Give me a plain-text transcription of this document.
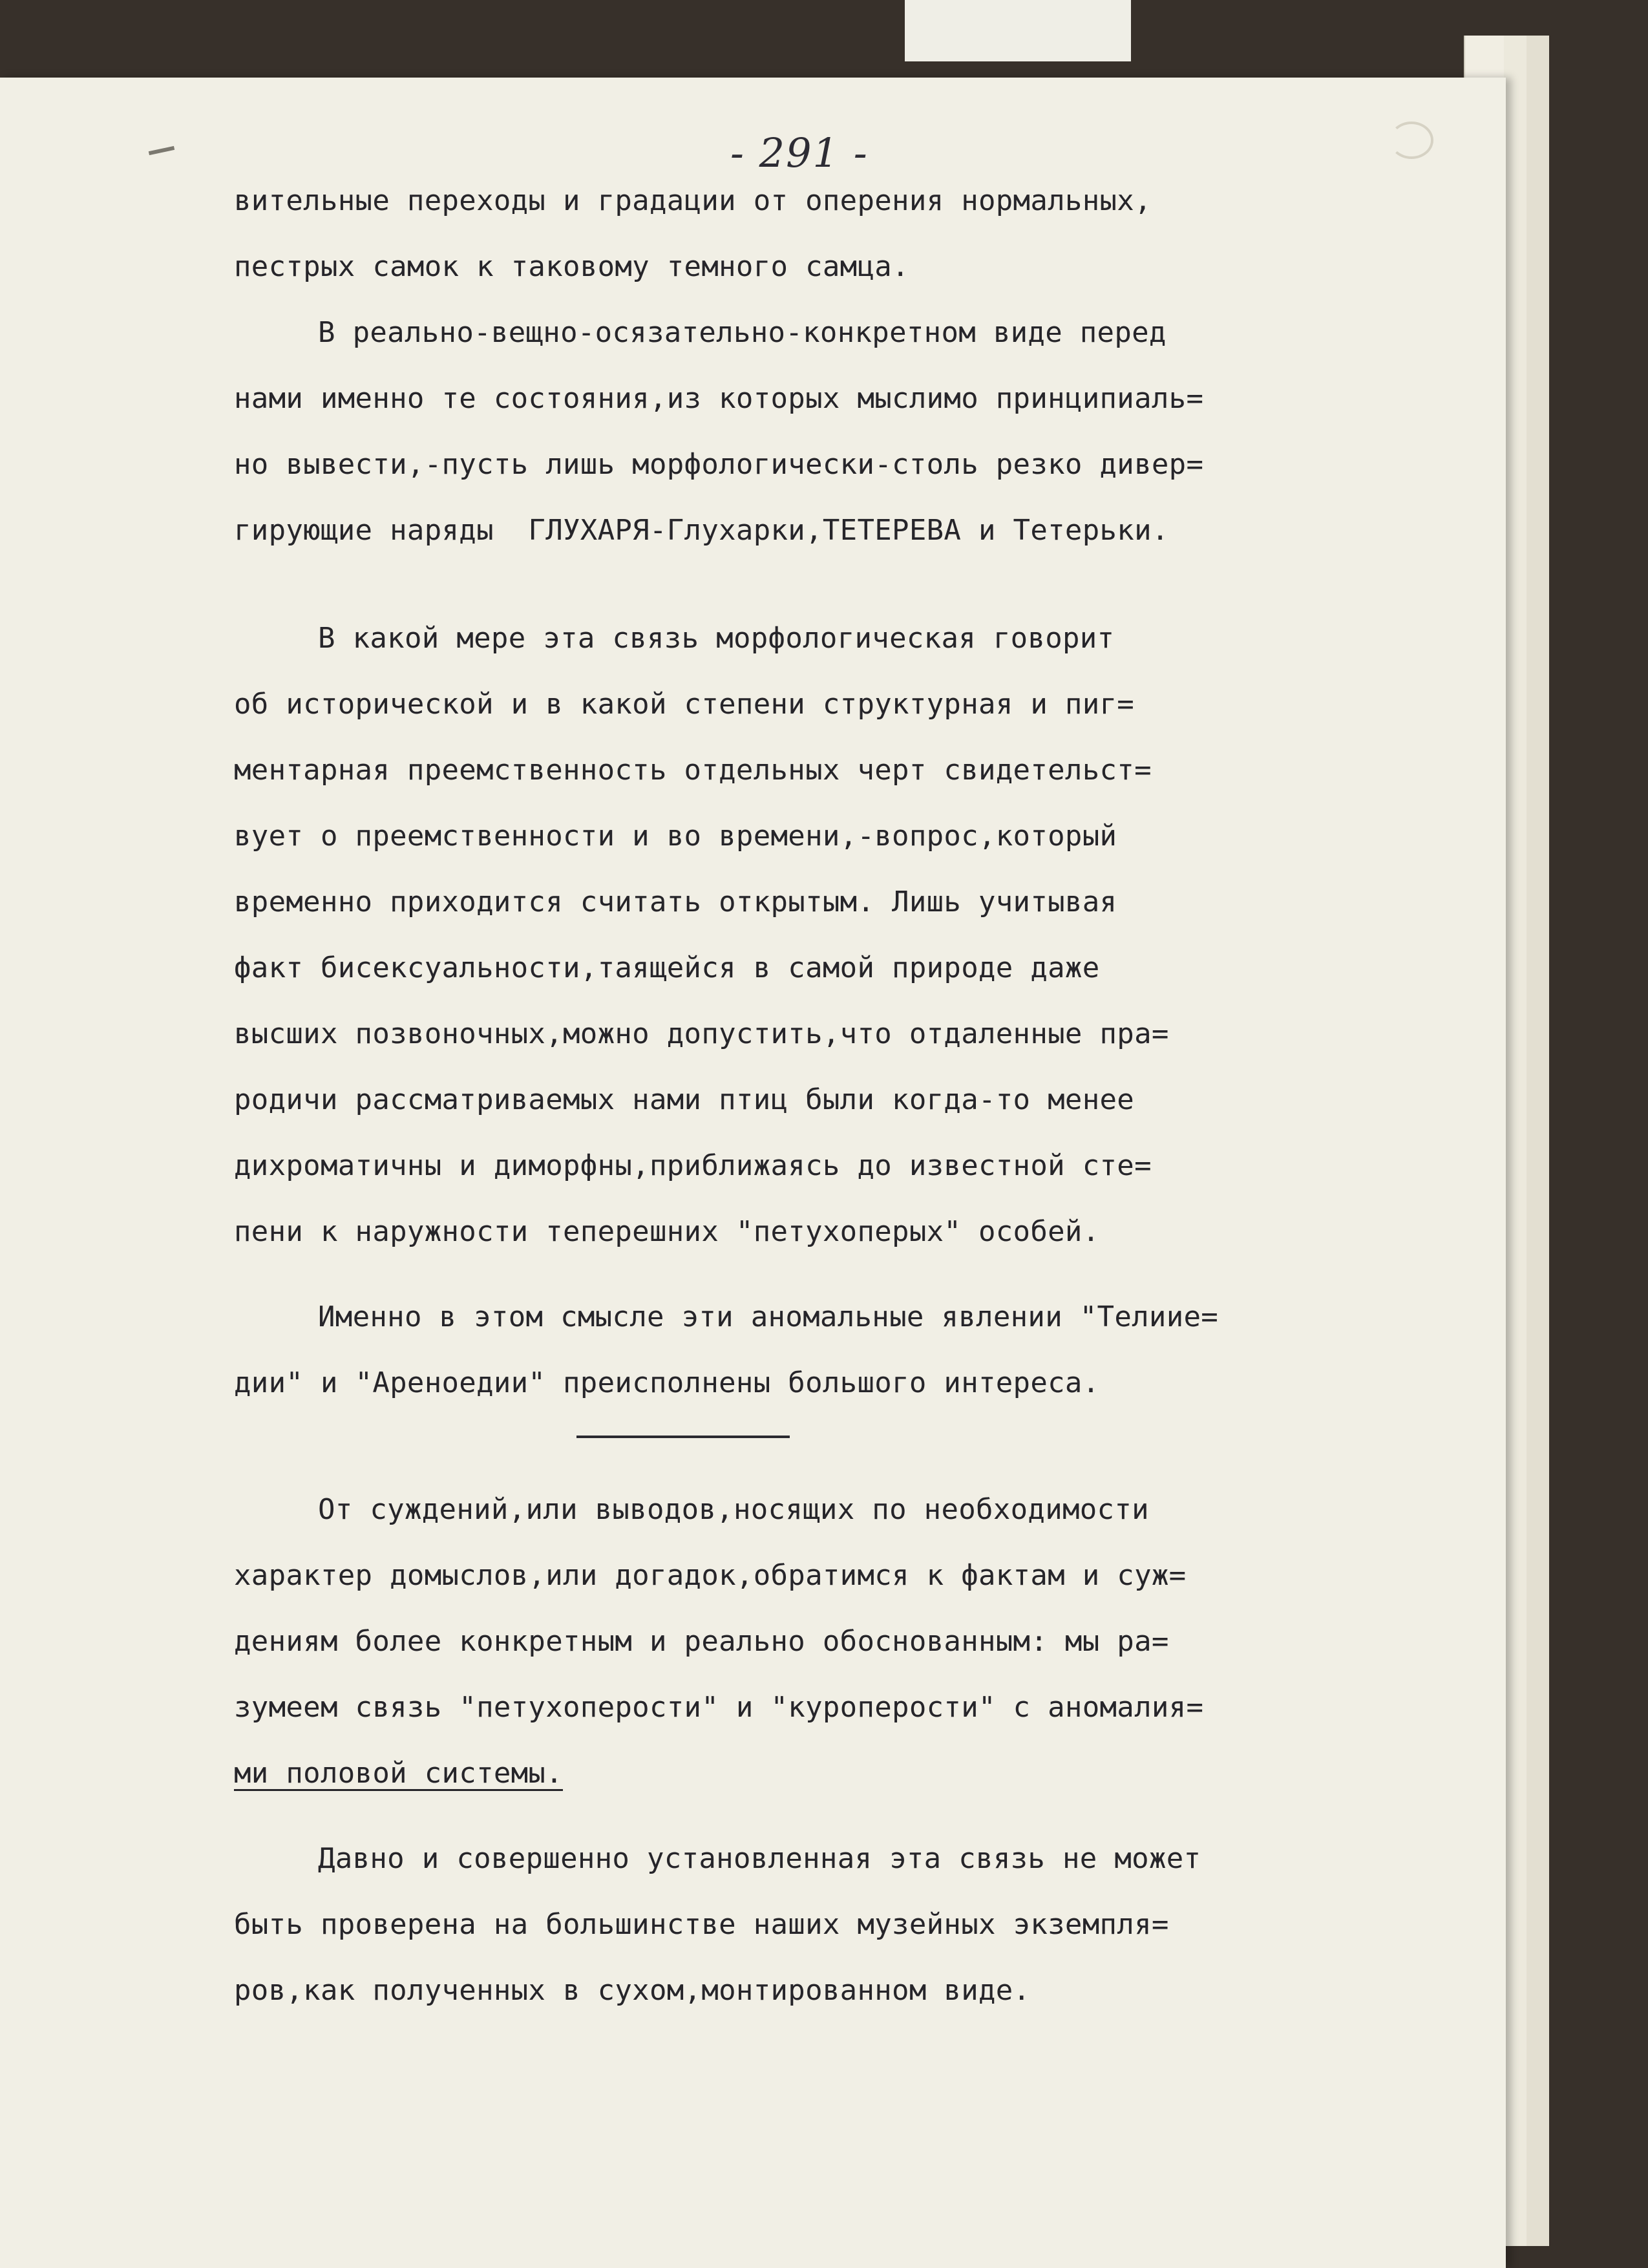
- 291 -
вительные переходы и градации от оперения нормальных,
пестрых самок к таковому темного самца.
В реально-вещно-осязательно-конкретном виде перед
нами именно те состояния,из которых мыслимо принципиаль=
но вывести,-пусть лишь морфологически-столь резко дивер=
гирующие наряды  ГЛУХАРЯ-Глухарки,ТЕТЕРЕВА и Тетерьки.
В какой мере эта связь морфологическая говорит
об исторической и в какой степени структурная и пиг=
ментарная преемственность отдельных черт свидетельст=
вует о преемственности и во времени,-вопрос,который
временно приходится считать открытым. Лишь учитывая
факт бисексуальности,таящейся в самой природе даже
высших позвоночных,можно допустить,что отдаленные пра=
родичи рассматриваемых нами птиц были когда-то менее
дихроматичны и диморфны,приближаясь до известной сте=
пени к наружности теперешних "петухоперых" особей.
Именно в этом смысле эти аномальные явлении "Телиие=
дии" и "Ареноедии" преисполнены большого интереса.
От суждений,или выводов,носящих по необходимости
характер домыслов,или догадок,обратимся к фактам и суж=
дениям более конкретным и реально обоснованным: мы ра=
зумеем связь "петухоперости" и "куроперости" с аномалия=
ми половой системы.
Давно и совершенно установленная эта связь не может
быть проверена на большинстве наших музейных экземпля=
ров,как полученных в сухом,монтированном виде.
